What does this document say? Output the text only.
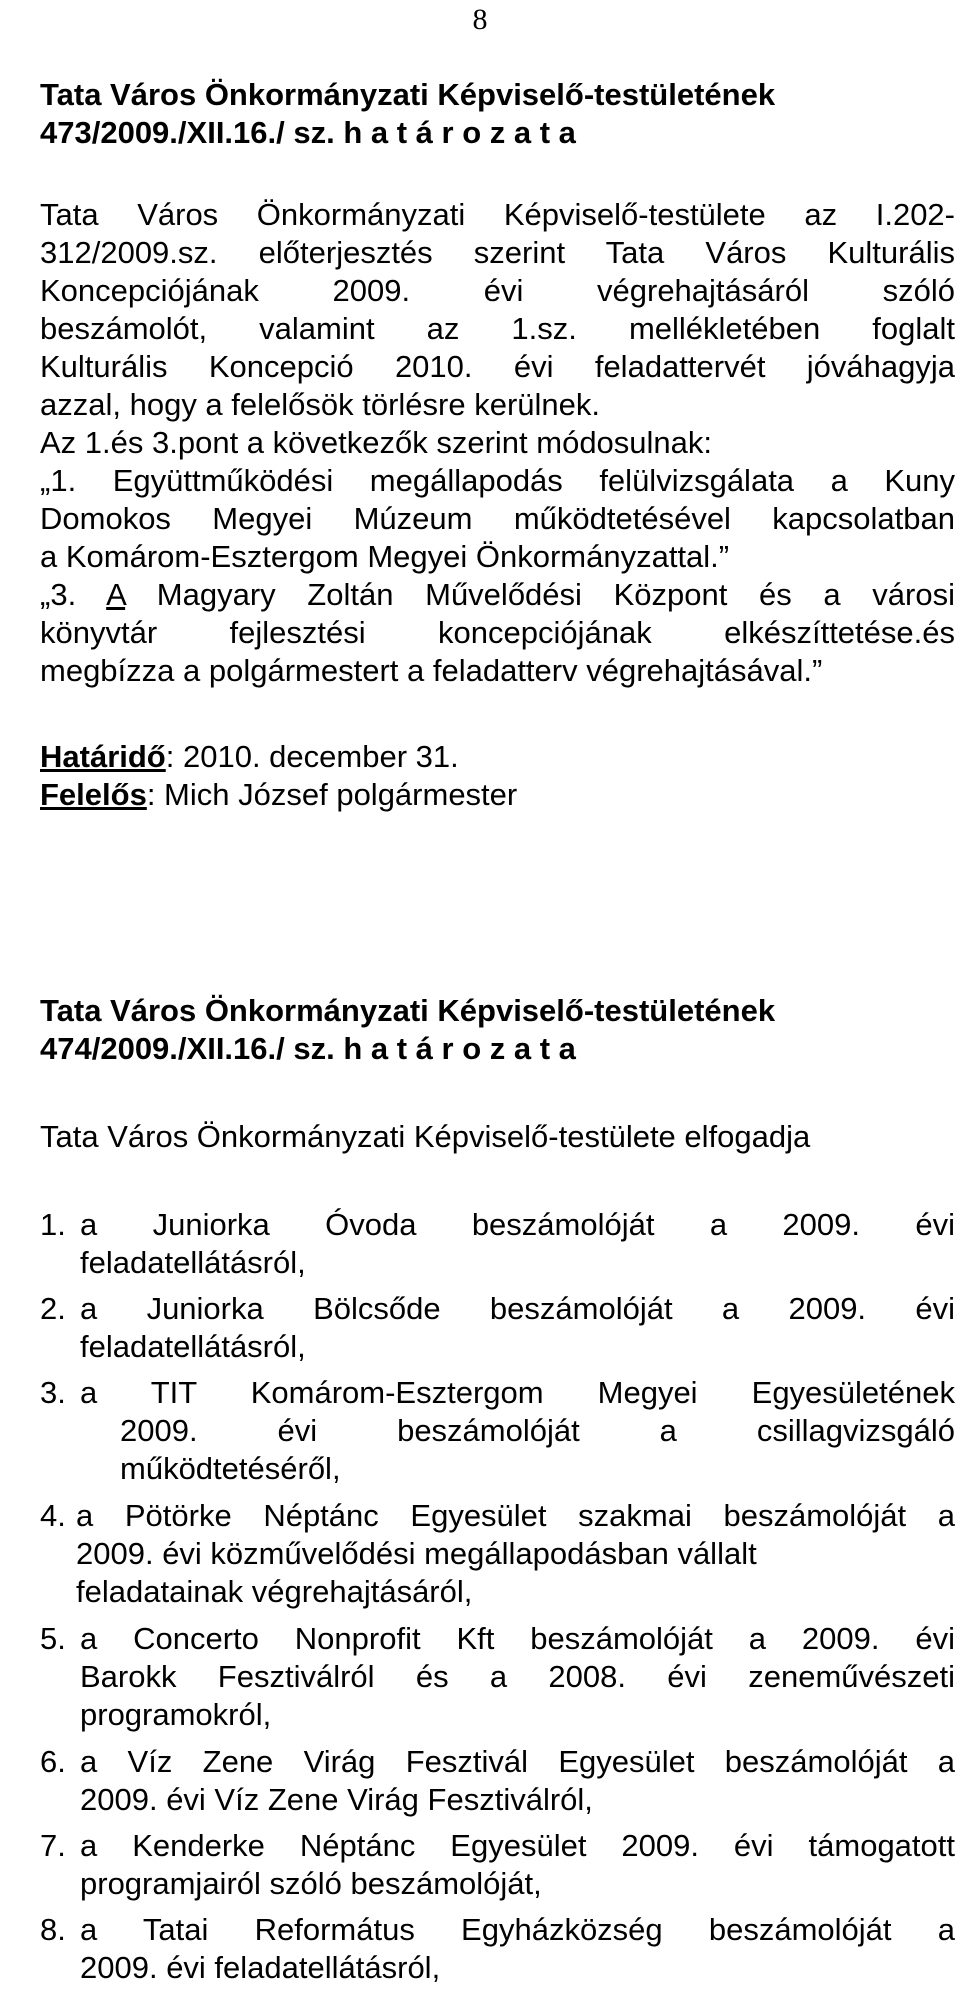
8
Tata Város Önkormányzati Képviselő-testületének
473/2009./XII.16./ sz. h a t á r o z a t a
Tata Város Önkormányzati Képviselő-testülete az I.202-
312/2009.sz. előterjesztés szerint Tata Város Kulturális
Koncepciójának 2009. évi végrehajtásáról szóló
beszámolót, valamint az 1.sz. mellékletében foglalt
Kulturális Koncepció 2010. évi feladattervét jóváhagyja
azzal, hogy a felelősök törlésre kerülnek.
Az 1.és 3.pont a következők szerint módosulnak:
„1. Együttműködési megállapodás felülvizsgálata a Kuny
Domokos Megyei Múzeum működtetésével kapcsolatban
a Komárom-Esztergom Megyei Önkormányzattal.”
„3. A Magyary Zoltán Művelődési Központ és a városi
könyvtár fejlesztési koncepciójának elkészíttetése.és
megbízza a polgármestert a feladatterv végrehajtásával.”
Határidő: 2010. december 31.
Felelős: Mich József polgármester
Tata Város Önkormányzati Képviselő-testületének
474/2009./XII.16./ sz. h a t á r o z a t a
Tata Város Önkormányzati Képviselő-testülete elfogadja
1. a Juniorka Óvoda beszámolóját a 2009. évi
feladatellátásról,
2. a Juniorka Bölcsőde beszámolóját a 2009. évi
feladatellátásról,
3. a TIT Komárom-Esztergom Megyei Egyesületének
2009. évi beszámolóját a csillagvizsgáló
működtetéséről,
4. a Pötörke Néptánc Egyesület szakmai beszámolóját a
2009. évi közművelődési megállapodásban vállalt
feladatainak végrehajtásáról,
5. a Concerto Nonprofit Kft beszámolóját a 2009. évi
Barokk Fesztiválról és a 2008. évi zeneművészeti
programokról,
6. a Víz Zene Virág Fesztivál Egyesület beszámolóját a
2009. évi Víz Zene Virág Fesztiválról,
7. a Kenderke Néptánc Egyesület 2009. évi támogatott
programjairól szóló beszámolóját,
8. a Tatai Református Egyházközség beszámolóját a
2009. évi feladatellátásról,
